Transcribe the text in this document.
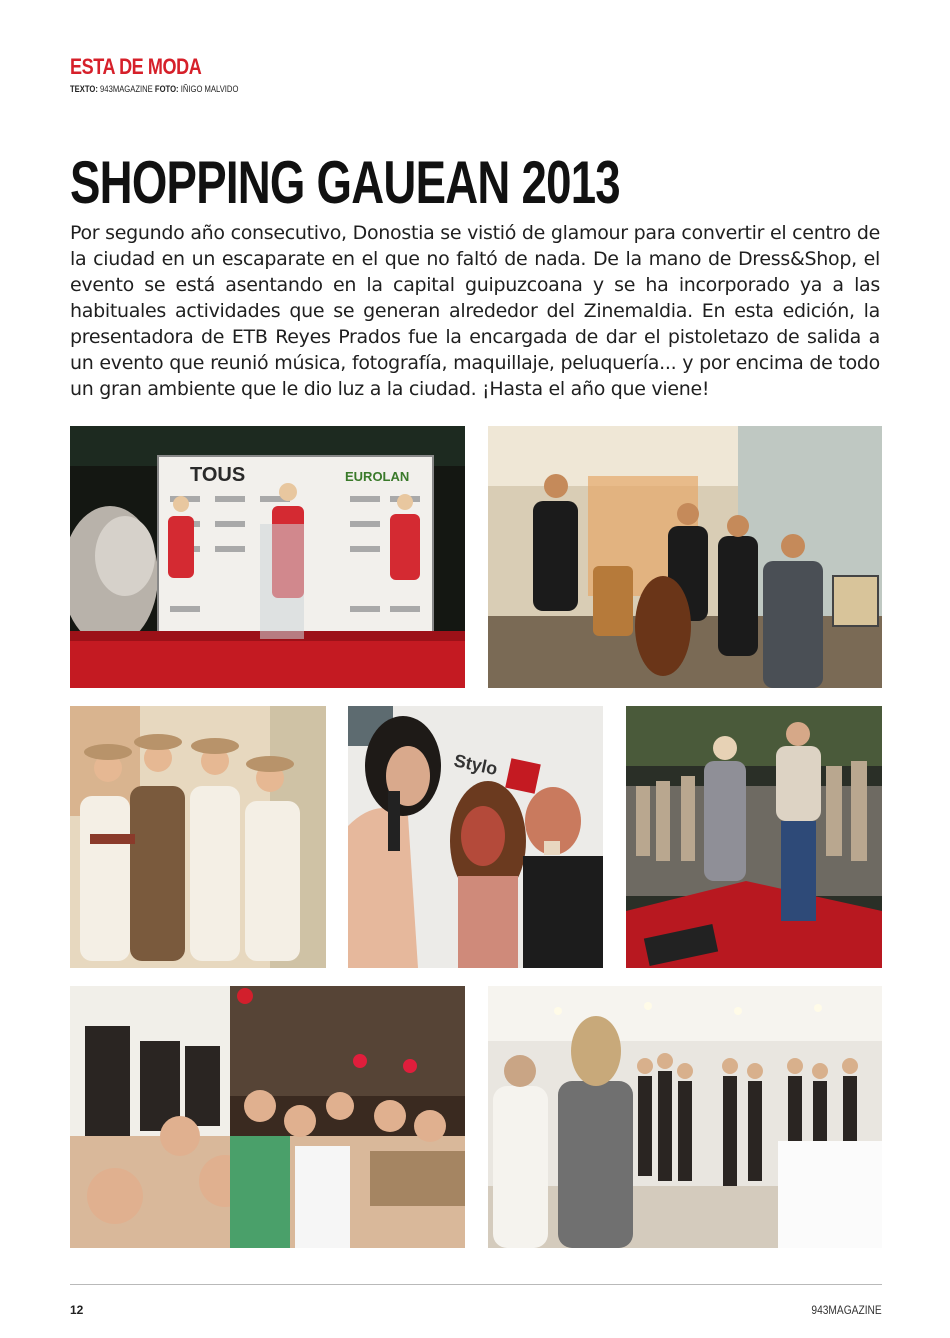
ESTA DE MODA
TEXTO: 943MAGAZINE FOTO: IÑIGO MALVIDO
SHOPPING GAUEAN 2013

Por segundo año consecutivo, Donostia se vistió de glamour para convertir el centro de la ciudad en un escaparate en el que no faltó de nada. De la mano de Dress&Shop, el evento se está asentando en la capital guipuzcoana y se ha incorporado ya a las habituales actividades que se generan alrededor del Zinemaldia. En esta edición, la presentadora de ETB Reyes Prados fue la encargada de dar el pistoletazo de salida a un evento que reunió música, fotografía, maquillaje, peluquería... y por encima de todo un gran ambiente que le dio luz a la ciudad. ¡Hasta el año que viene!

TOUS	EUROLAN
Stylo
12	943MAGAZINE
